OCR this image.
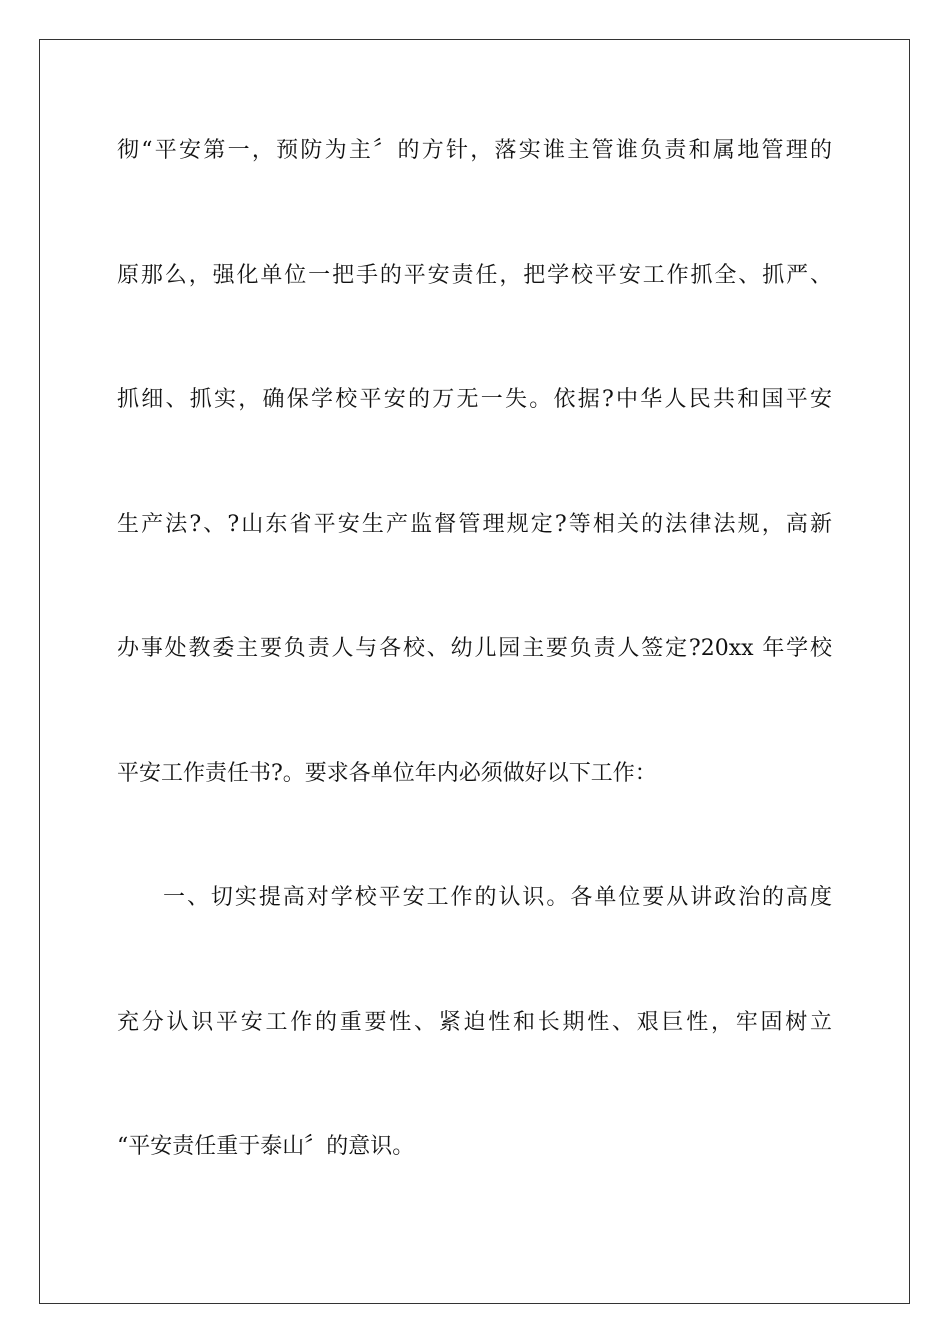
彻“平安第一，预防为主〞的方针，落实谁主管谁负责和属地管理的
原那么，强化单位一把手的平安责任，把学校平安工作抓全、抓严、
抓细、抓实，确保学校平安的万无一失。依据?中华人民共和国平安
生产法?、?山东省平安生产监督管理规定?等相关的法律法规，高新
办事处教委主要负责人与各校、幼儿园主要负责人签定?20xx 年学校
平安工作责任书?。要求各单位年内必须做好以下工作：
一、切实提高对学校平安工作的认识。各单位要从讲政治的高度
充分认识平安工作的重要性、紧迫性和长期性、艰巨性，牢固树立
“平安责任重于泰山〞的意识。
